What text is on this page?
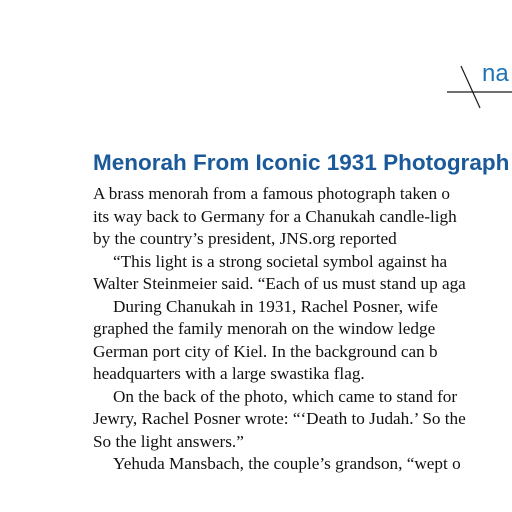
na
Menorah From Iconic 1931 Photograph
A brass menorah from a famous photograph taken o
its way back to Germany for a Chanukah candle-ligh
by the country’s president, JNS.org reported
“This light is a strong societal symbol against ha
Walter Steinmeier said. “Each of us must stand up aga
During Chanukah in 1931, Rachel Posner, wife
graphed the family menorah on the window ledge
German port city of Kiel. In the background can b
headquarters with a large swastika flag.
On the back of the photo, which came to stand for
Jewry, Rachel Posner wrote: “‘Death to Judah.’ So the
So the light answers.”
Yehuda Mansbach, the couple’s grandson, “wept o
